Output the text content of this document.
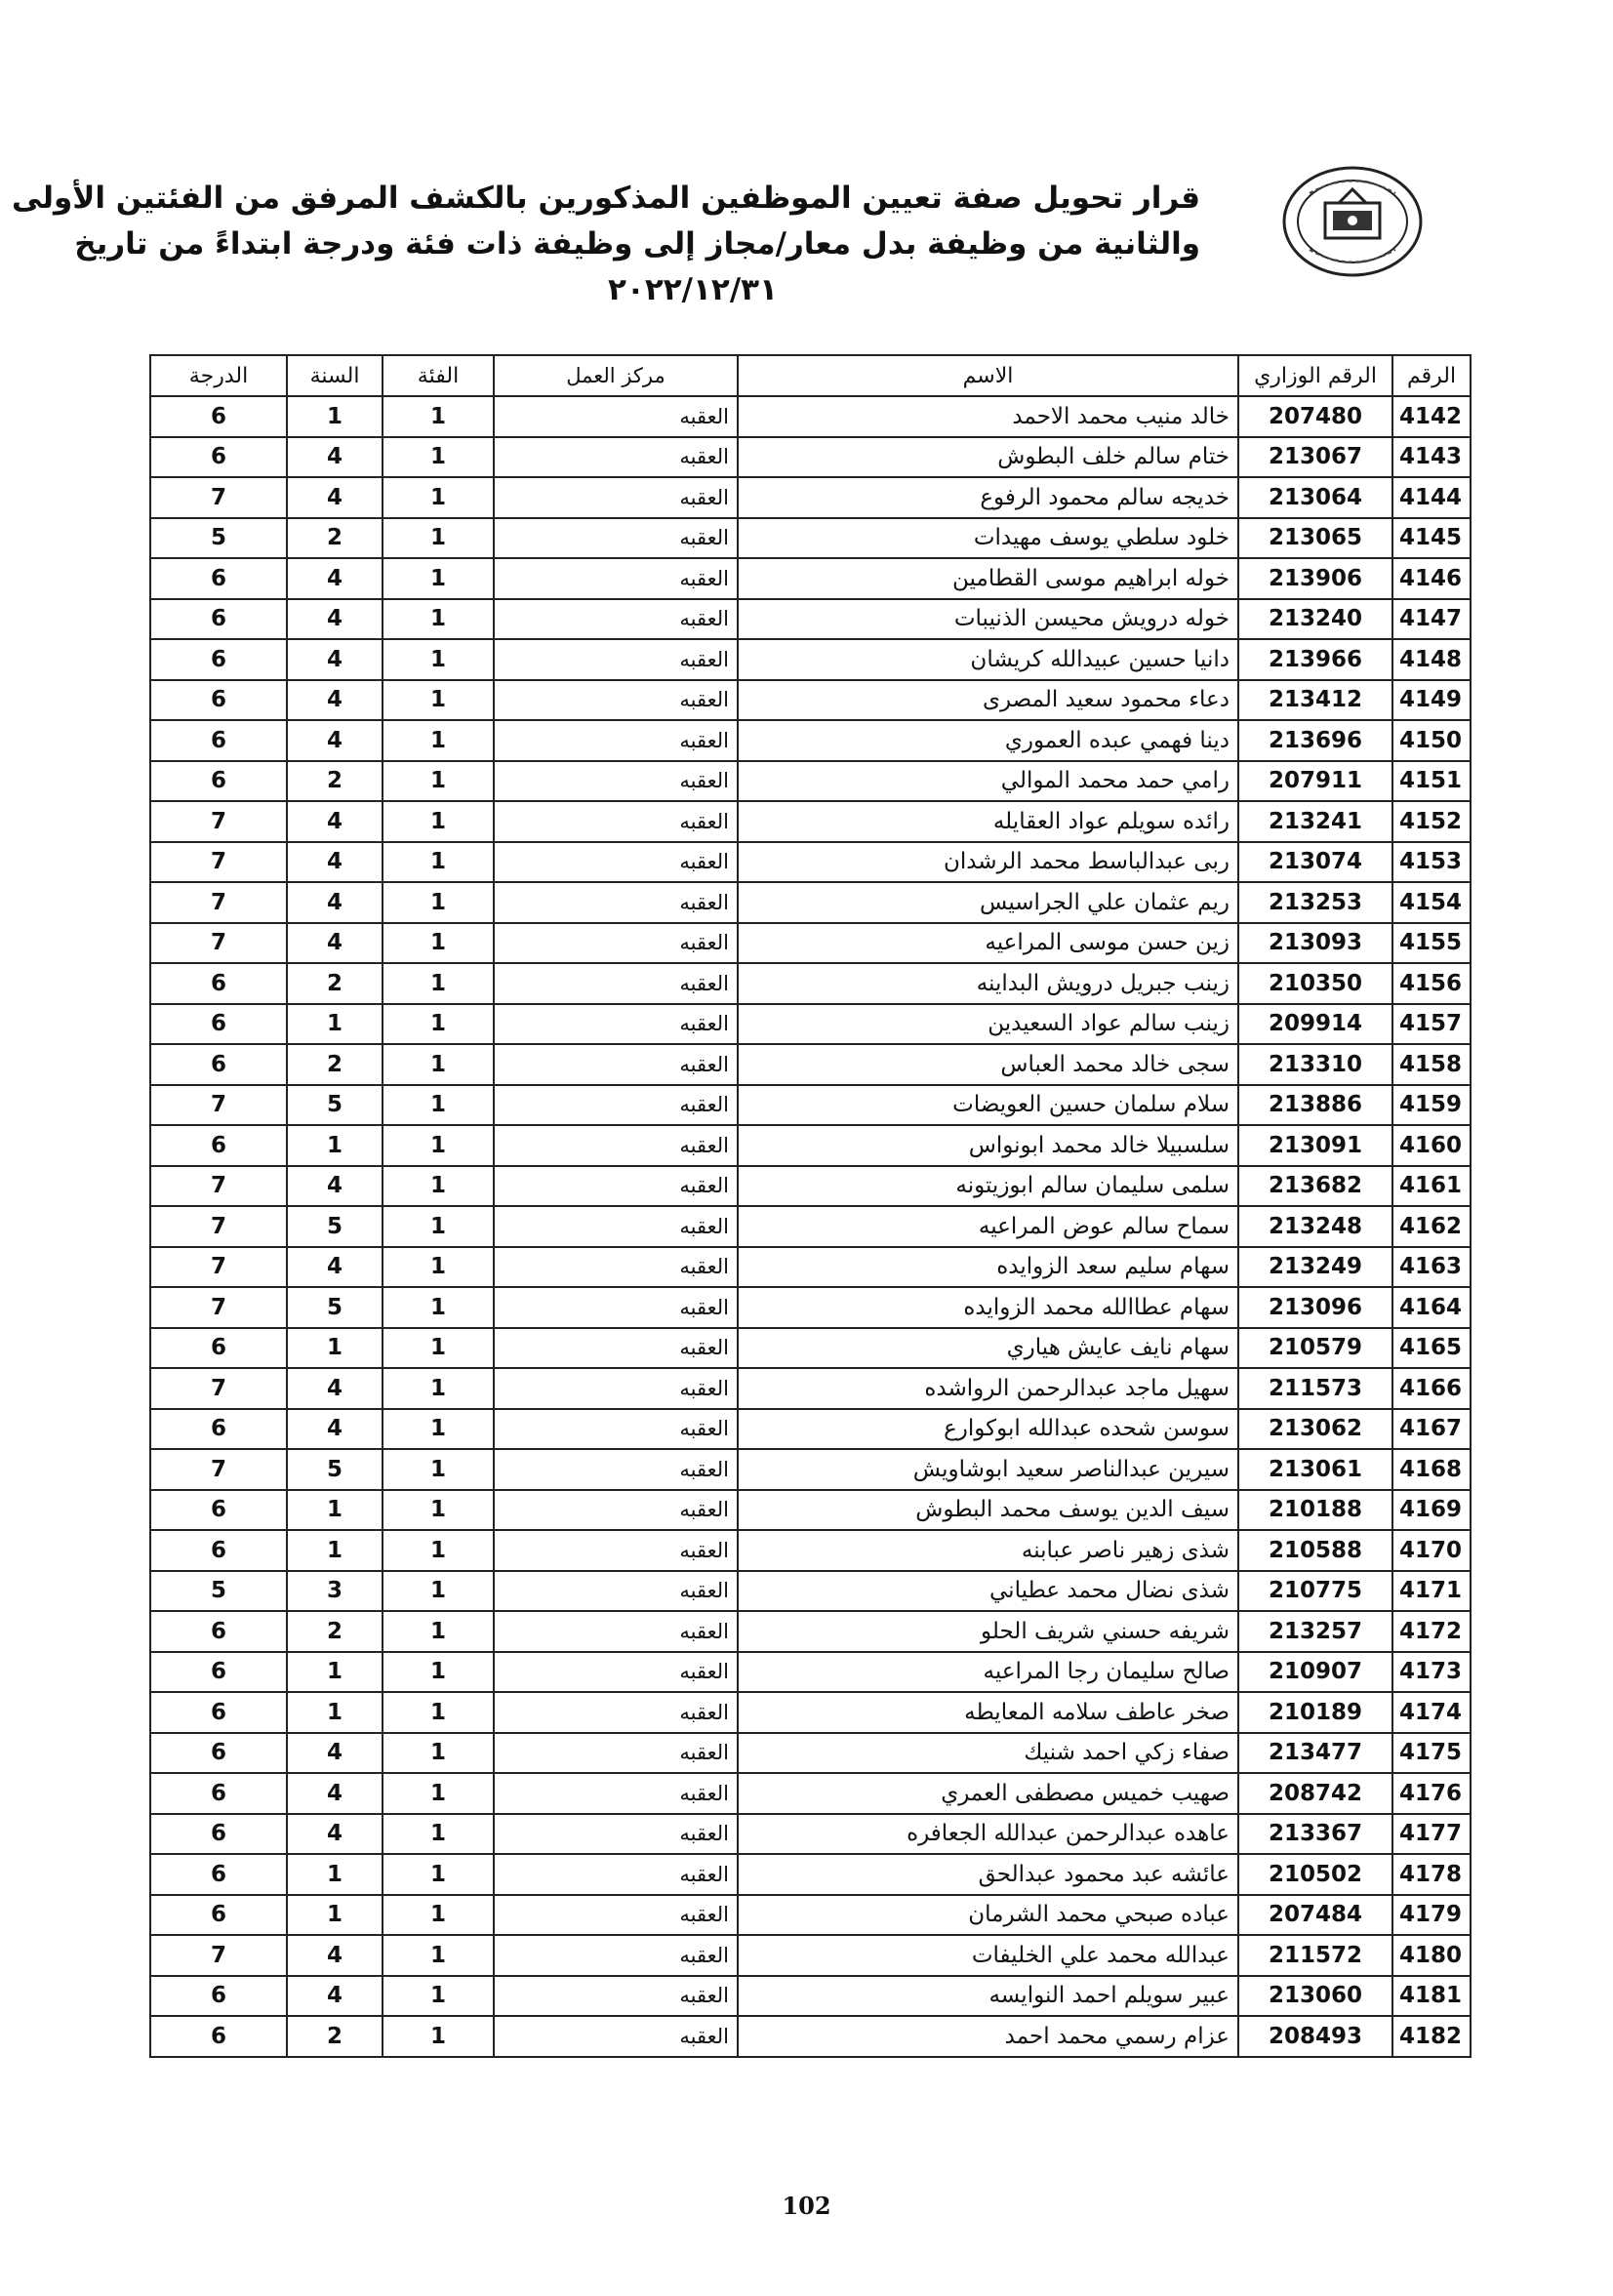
قرار تحويل صفة تعيين الموظفين المذكورين بالكشف المرفق من الفئتين الأولى
والثانية من وظيفة بدل معار/مجاز إلى وظيفة ذات فئة ودرجة ابتداءً من تاريخ
٢٠٢٢/١٢/٣١
الرقم	الرقم الوزاري	الاسم	مركز العمل	الفئة	السنة	الدرجة
4142	207480	خالد منيب محمد الاحمد	العقبه	1	1	6
4143	213067	ختام سالم خلف البطوش	العقبه	1	4	6
4144	213064	خديجه سالم محمود الرفوع	العقبه	1	4	7
4145	213065	خلود سلطي يوسف مهيدات	العقبه	1	2	5
4146	213906	خوله ابراهيم موسى القطامين	العقبه	1	4	6
4147	213240	خوله درويش محيسن الذنيبات	العقبه	1	4	6
4148	213966	دانيا حسين عبيدالله كريشان	العقبه	1	4	6
4149	213412	دعاء محمود سعيد المصرى	العقبه	1	4	6
4150	213696	دينا فهمي عبده العموري	العقبه	1	4	6
4151	207911	رامي حمد محمد الموالي	العقبه	1	2	6
4152	213241	رائده سويلم عواد العقايله	العقبه	1	4	7
4153	213074	ربى عبدالباسط محمد الرشدان	العقبه	1	4	7
4154	213253	ريم عثمان علي الجراسيس	العقبه	1	4	7
4155	213093	زين حسن موسى المراعيه	العقبه	1	4	7
4156	210350	زينب جبريل درويش البداينه	العقبه	1	2	6
4157	209914	زينب سالم عواد السعيدين	العقبه	1	1	6
4158	213310	سجى خالد محمد العباس	العقبه	1	2	6
4159	213886	سلام سلمان حسين العويضات	العقبه	1	5	7
4160	213091	سلسبيلا خالد محمد ابونواس	العقبه	1	1	6
4161	213682	سلمى سليمان سالم ابوزيتونه	العقبه	1	4	7
4162	213248	سماح سالم عوض المراعيه	العقبه	1	5	7
4163	213249	سهام سليم سعد الزوايده	العقبه	1	4	7
4164	213096	سهام عطاالله محمد الزوايده	العقبه	1	5	7
4165	210579	سهام نايف عايش هياري	العقبه	1	1	6
4166	211573	سهيل ماجد عبدالرحمن الرواشده	العقبه	1	4	7
4167	213062	سوسن شحده عبدالله ابوكوارع	العقبه	1	4	6
4168	213061	سيرين عبدالناصر سعيد ابوشاويش	العقبه	1	5	7
4169	210188	سيف الدين يوسف محمد البطوش	العقبه	1	1	6
4170	210588	شذى زهير ناصر عبابنه	العقبه	1	1	6
4171	210775	شذى نضال محمد عطياني	العقبه	1	3	5
4172	213257	شريفه حسني شريف الحلو	العقبه	1	2	6
4173	210907	صالح سليمان رجا المراعيه	العقبه	1	1	6
4174	210189	صخر عاطف سلامه المعايطه	العقبه	1	1	6
4175	213477	صفاء زكي احمد شنيك	العقبه	1	4	6
4176	208742	صهيب خميس مصطفى العمري	العقبه	1	4	6
4177	213367	عاهده عبدالرحمن عبدالله الجعافره	العقبه	1	4	6
4178	210502	عائشه عبد محمود عبدالحق	العقبه	1	1	6
4179	207484	عباده صبحي محمد الشرمان	العقبه	1	1	6
4180	211572	عبدالله محمد علي الخليفات	العقبه	1	4	7
4181	213060	عبير سويلم احمد النوايسه	العقبه	1	4	6
4182	208493	عزام رسمي محمد احمد	العقبه	1	2	6
102
